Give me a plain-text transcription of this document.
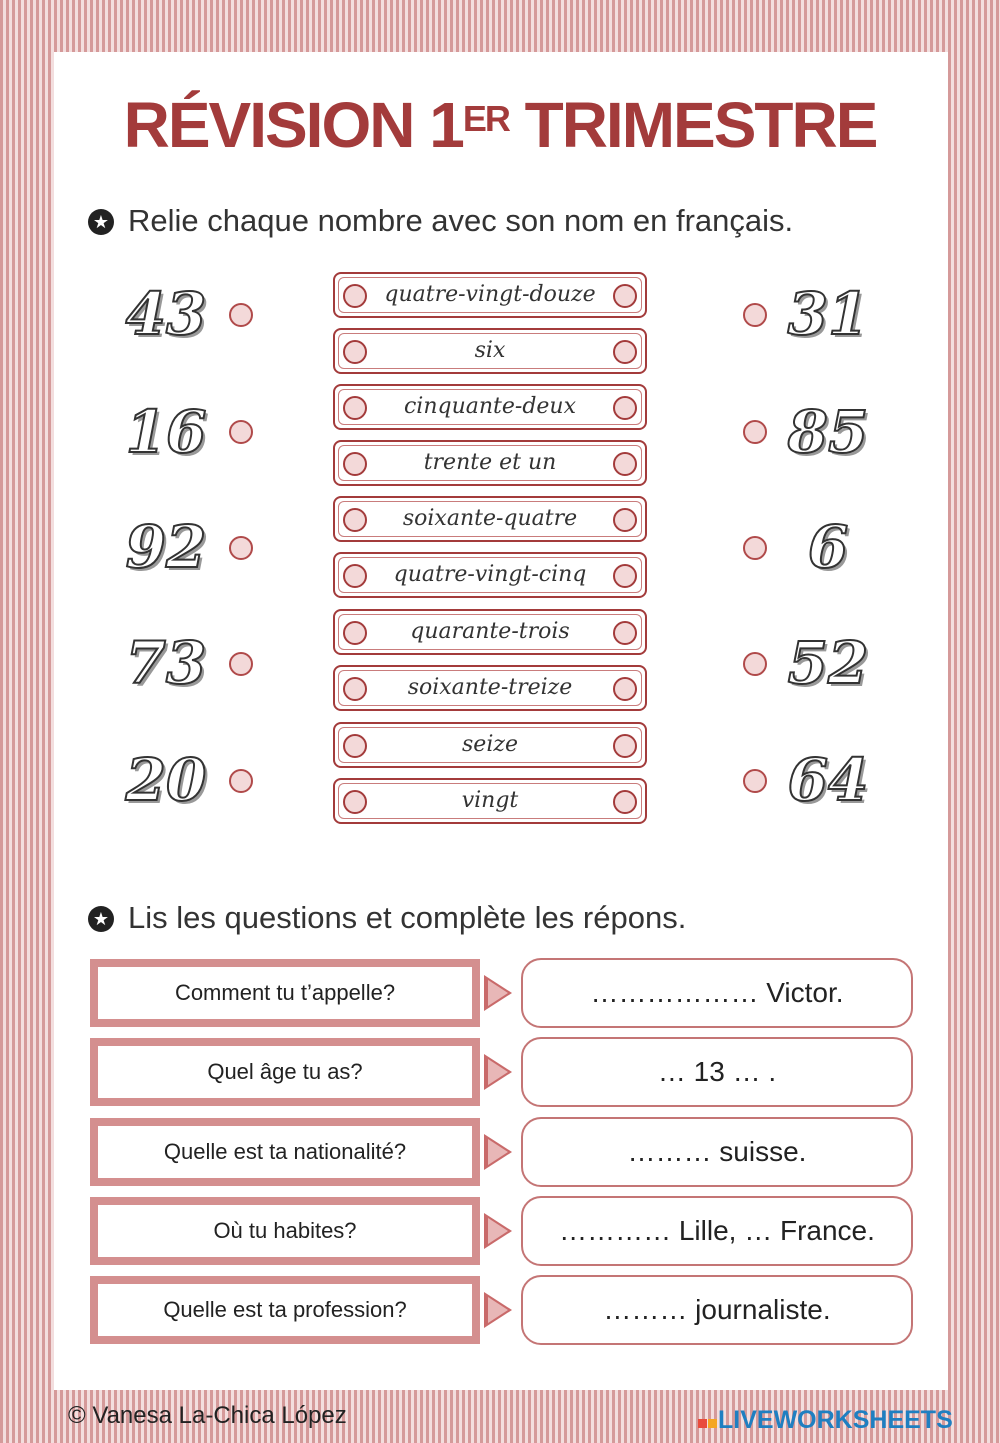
RÉVISION 1ER TRIMESTRE
★ Relie chaque nombre avec son nom en français.
43
16
92
73
20
31
85
6
52
64
quatre-vingt-douze
six
cinquante-deux
trente et un
soixante-quatre
quatre-vingt-cinq
quarante-trois
soixante-treize
seize
vingt
★ Lis les questions et complète les répons.
Comment tu t’appelle?	……………… Victor.
Quel âge tu as?	… 13 … .
Quelle est ta nationalité?	……… suisse.
Où tu habites?	………… Lille, … France.
Quelle est ta profession?	……… journaliste.
© Vanesa La-Chica López	LIVEWORKSHEETS
